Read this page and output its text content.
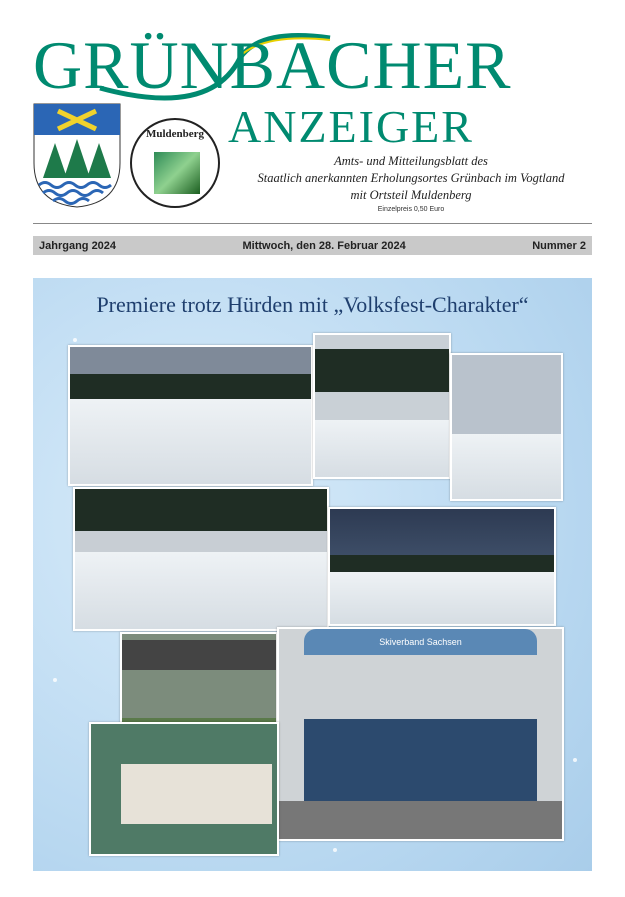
GRÜNBACHER
ANZEIGER
Muldenberg
Amts- und Mitteilungsblatt des
Staatlich anerkannten Erholungsortes Grünbach im Vogtland
mit Ortsteil Muldenberg
Einzelpreis 0,50 Euro
Jahrgang 2024	Mittwoch, den 28. Februar 2024	Nummer 2
Premiere trotz Hürden mit „Volksfest-Charakter“
Skiverband Sachsen
